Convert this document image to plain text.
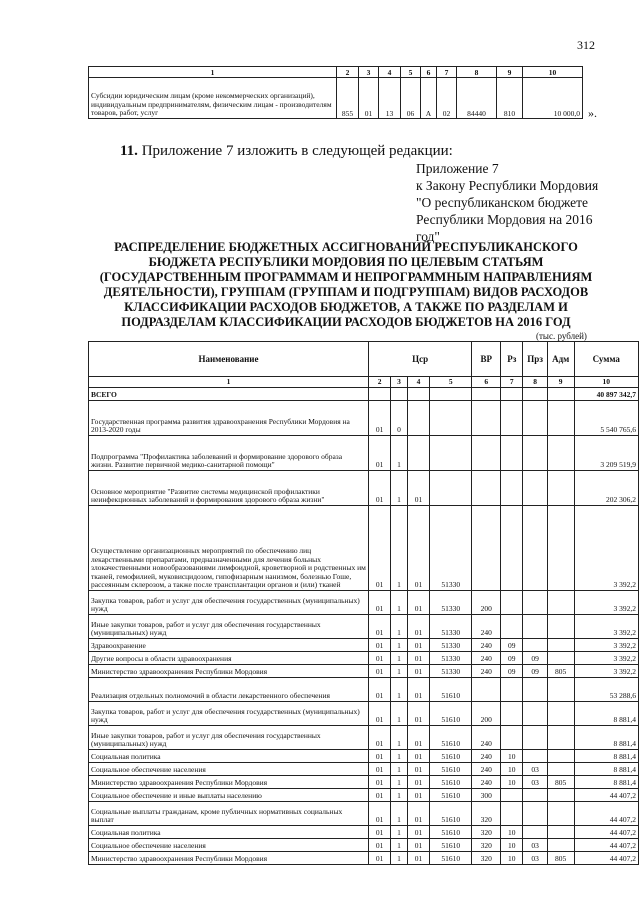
312
1	2	3	4	5	6	7	8	9	10
Субсидии юридическим лицам (кроме некоммерческих организаций), индивидуальным предпринимателям, физическим лицам - производителям товаров, работ, услуг	855	01	13	06	А	02	84440	810	10 000,0 ».
11. Приложение 7 изложить в следующей редакции:
Приложение 7
к Закону Республики Мордовия
"О республиканском бюджете
Республики Мордовия на 2016
год"
РАСПРЕДЕЛЕНИЕ БЮДЖЕТНЫХ АССИГНОВАНИЙ РЕСПУБЛИКАНСКОГО
БЮДЖЕТА РЕСПУБЛИКИ МОРДОВИЯ ПО ЦЕЛЕВЫМ СТАТЬЯМ
(ГОСУДАРСТВЕННЫМ ПРОГРАММАМ И НЕПРОГРАММНЫМ НАПРАВЛЕНИЯМ
ДЕЯТЕЛЬНОСТИ), ГРУППАМ (ГРУППАМ И ПОДГРУППАМ) ВИДОВ РАСХОДОВ
КЛАССИФИКАЦИИ РАСХОДОВ БЮДЖЕТОВ, А ТАКЖЕ ПО РАЗДЕЛАМ И
ПОДРАЗДЕЛАМ КЛАССИФИКАЦИИ РАСХОДОВ БЮДЖЕТОВ НА 2016 ГОД
(тыс. рублей)
Наименование	Цср				ВР	Рз	Прз	Адм	Сумма
1	2	3	4	5	6	7	8	9	10
ВСЕГО									40 897 342,7
Государственная программа развития здравоохранения Республики Мордовия на 2013-2020 годы	01	0							5 540 765,6
Подпрограмма "Профилактика заболеваний и формирование здорового образа жизни. Развитие первичной медико-санитарной помощи"	01	1							3 209 519,9
Основное мероприятие "Развитие системы медицинской профилактики неинфекционных заболеваний и формирования здорового образа жизни"	01	1	01						202 306,2
Осуществление организационных мероприятий по обеспечению лиц лекарственными препаратами, предназначенными для лечения больных злокачественными новообразованиями лимфоидной, кроветворной и родственных им тканей, гемофилией, муковисцидозом, гипофизарным нанизмом, болезнью Гоше, рассеянным склерозом, а также после трансплантации органов и (или) тканей	01	1	01	51330					3 392,2
Закупка товаров, работ и услуг для обеспечения государственных (муниципальных) нужд	01	1	01	51330	200				3 392,2
Иные закупки товаров, работ и услуг для обеспечения государственных (муниципальных) нужд	01	1	01	51330	240				3 392,2
Здравоохранение	01	1	01	51330	240	09			3 392,2
Другие вопросы в области здравоохранения	01	1	01	51330	240	09	09		3 392,2
Министерство здравоохранения Республики Мордовия	01	1	01	51330	240	09	09	805	3 392,2
Реализация отдельных полномочий в области лекарственного обеспечения	01	1	01	51610					53 288,6
Закупка товаров, работ и услуг для обеспечения государственных (муниципальных) нужд	01	1	01	51610	200				8 881,4
Иные закупки товаров, работ и услуг для обеспечения государственных (муниципальных) нужд	01	1	01	51610	240				8 881,4
Социальная политика	01	1	01	51610	240	10			8 881,4
Социальное обеспечение населения	01	1	01	51610	240	10	03		8 881,4
Министерство здравоохранения Республики Мордовия	01	1	01	51610	240	10	03	805	8 881,4
Социальное обеспечение и иные выплаты населению	01	1	01	51610	300				44 407,2
Социальные выплаты гражданам, кроме публичных нормативных социальных выплат	01	1	01	51610	320				44 407,2
Социальная политика	01	1	01	51610	320	10			44 407,2
Социальное обеспечение населения	01	1	01	51610	320	10	03		44 407,2
Министерство здравоохранения Республики Мордовия	01	1	01	51610	320	10	03	805	44 407,2
